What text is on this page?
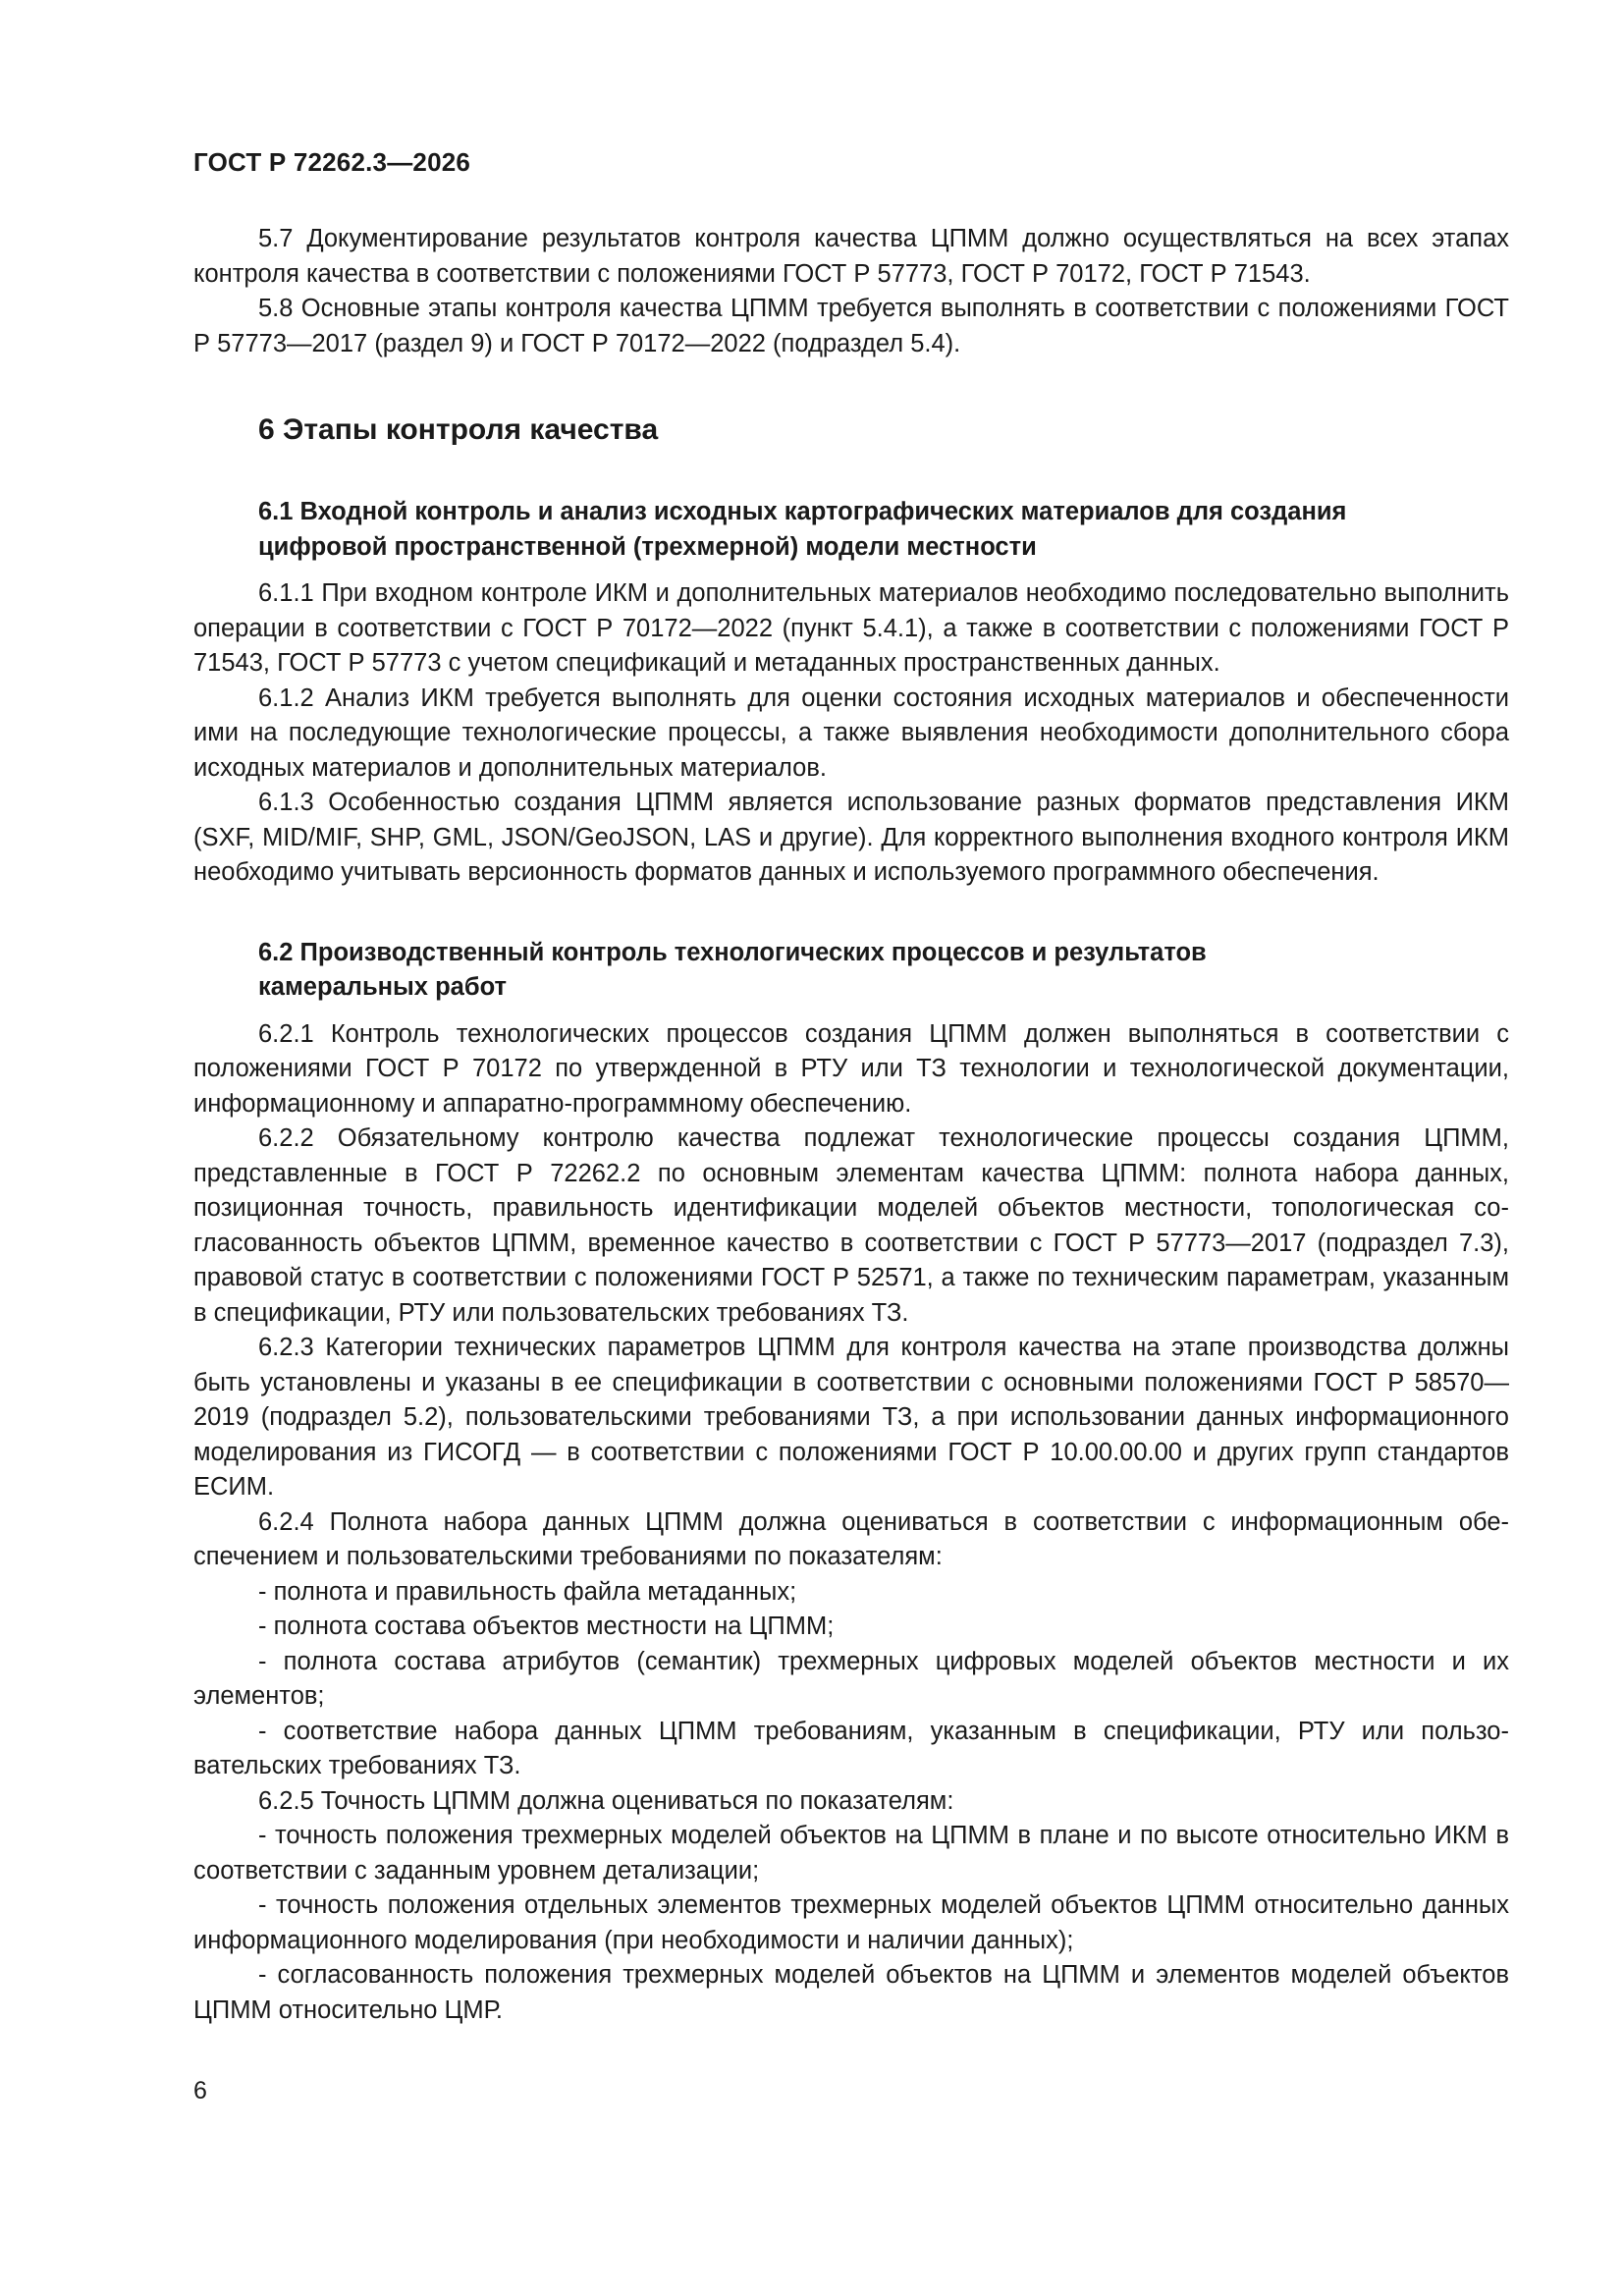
ГОСТ Р 72262.3—2026

5.7 Документирование результатов контроля качества ЦПММ должно осуществляться на всех этапах контроля качества в соответствии с положениями ГОСТ Р 57773, ГОСТ Р 70172, ГОСТ Р 71543.

5.8 Основные этапы контроля качества ЦПММ требуется выполнять в соответствии с положениями ГОСТ Р 57773—2017 (раздел 9) и ГОСТ Р 70172—2022 (подраздел 5.4).

6 Этапы контроля качества
6.1 Входной контроль и анализ исходных картографических материалов для создания
цифровой пространственной (трехмерной) модели местности

6.1.1 При входном контроле ИКМ и дополнительных материалов необходимо последовательно выполнить операции в соответствии с ГОСТ Р 70172—2022 (пункт 5.4.1), а также в соответствии с положениями ГОСТ Р 71543, ГОСТ Р 57773 с учетом спецификаций и метаданных пространственных данных.

6.1.2 Анализ ИКМ требуется выполнять для оценки состояния исходных материалов и обеспеченности ими на последующие технологические процессы, а также выявления необходимости дополнительного сбора исходных материалов и дополнительных материалов.

6.1.3 Особенностью создания ЦПММ является использование разных форматов представления ИКМ (SXF, MID/MIF, SHP, GML, JSON/GeoJSON, LAS и другие). Для корректного выполнения входного контроля ИКМ необходимо учитывать версионность форматов данных и используемого программного обеспечения.

6.2 Производственный контроль технологических процессов и результатов
камеральных работ

6.2.1 Контроль технологических процессов создания ЦПММ должен выполняться в соответствии с положениями ГОСТ Р 70172 по утвержденной в РТУ или ТЗ технологии и технологической документации, информационному и аппаратно-программному обеспечению.

6.2.2 Обязательному контролю качества подлежат технологические процессы создания ЦПММ, представленные в ГОСТ Р 72262.2 по основным элементам качества ЦПММ: полнота набора данных, позиционная точность, правильность идентификации моделей объектов местности, топологическая согласованность объектов ЦПММ, временное качество в соответствии с ГОСТ Р 57773—2017 (подраздел 7.3), правовой статус в соответствии с положениями ГОСТ Р 52571, а также по техническим параметрам, указанным в спецификации, РТУ или пользовательских требованиях ТЗ.

6.2.3 Категории технических параметров ЦПММ для контроля качества на этапе производства должны быть установлены и указаны в ее спецификации в соответствии с основными положениями ГОСТ Р 58570—2019 (подраздел 5.2), пользовательскими требованиями ТЗ, а при использовании данных информационного моделирования из ГИСОГД — в соответствии с положениями ГОСТ Р 10.00.00.00 и других групп стандартов ЕСИМ.

6.2.4 Полнота набора данных ЦПММ должна оцениваться в соответствии с информационным обеспечением и пользовательскими требованиями по показателям:

- полнота и правильность файла метаданных;

- полнота состава объектов местности на ЦПММ;

- полнота состава атрибутов (семантик) трехмерных цифровых моделей объектов местности и их элементов;

- соответствие набора данных ЦПММ требованиям, указанным в спецификации, РТУ или пользовательских требованиях ТЗ.

6.2.5 Точность ЦПММ должна оцениваться по показателям:

- точность положения трехмерных моделей объектов на ЦПММ в плане и по высоте относительно ИКМ в соответствии с заданным уровнем детализации;

- точность положения отдельных элементов трехмерных моделей объектов ЦПММ относительно данных информационного моделирования (при необходимости и наличии данных);

- согласованность положения трехмерных моделей объектов на ЦПММ и элементов моделей объектов ЦПММ относительно ЦМР.

6
